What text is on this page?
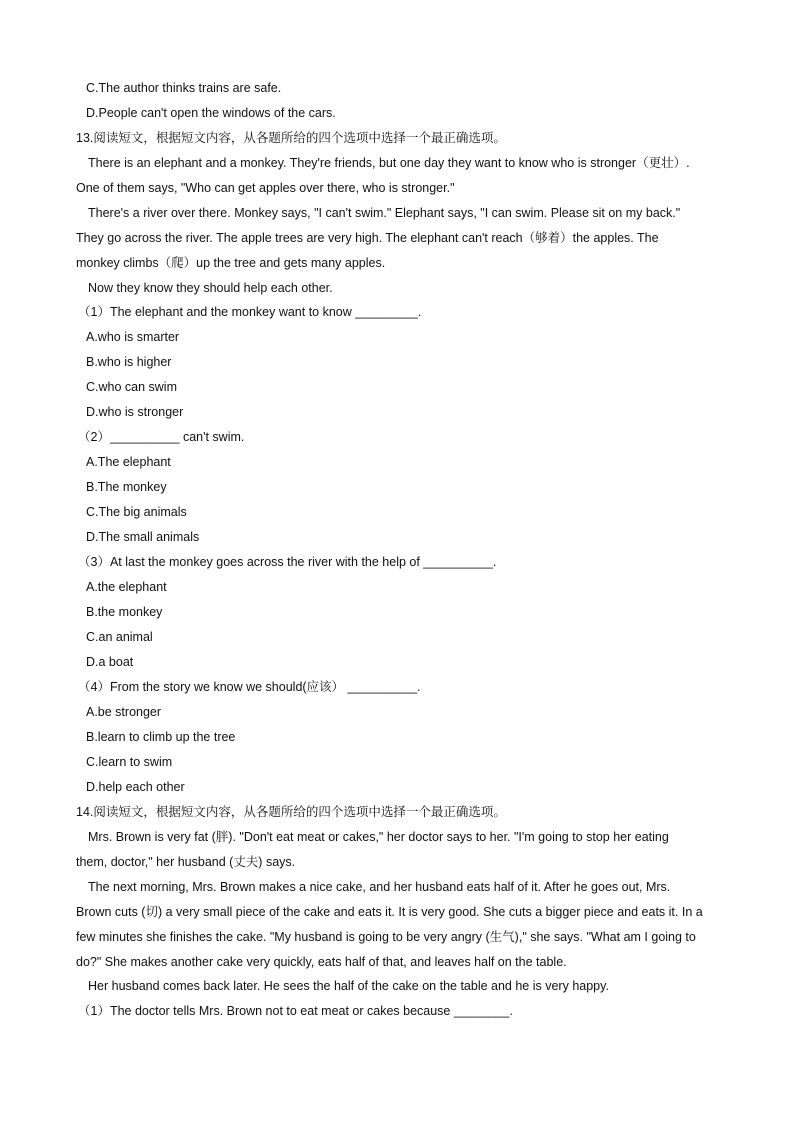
C.The author thinks trains are safe.
D.People can't open the windows of the cars.
13.阅读短文，根据短文内容，从各题所给的四个选项中选择一个最正确选项。
There is an elephant and a monkey. They're friends, but one day they want to know who is stronger（更壮）.
One of them says, "Who can get apples over there, who is stronger."
There's a river over there. Monkey says, "I can't swim." Elephant says, "I can swim. Please sit on my back."
They go across the river. The apple trees are very high. The elephant can't reach（够着）the apples. The
monkey climbs（爬）up the tree and gets many apples.
Now they know they should help each other.
（1）The elephant and the monkey want to know _________.
A.who is smarter
B.who is higher
C.who can swim
D.who is stronger
（2）__________ can't swim.
A.The elephant
B.The monkey
C.The big animals
D.The small animals
（3）At last the monkey goes across the river with the help of __________.
A.the elephant
B.the monkey
C.an animal
D.a boat
（4）From the story we know we should(应该） __________.
A.be stronger
B.learn to climb up the tree
C.learn to swim
D.help each other
14.阅读短文，根据短文内容，从各题所给的四个选项中选择一个最正确选项。
Mrs. Brown is very fat (胖). "Don't eat meat or cakes," her doctor says to her. "I'm going to stop her eating
them, doctor," her husband (丈夫) says.
The next morning, Mrs. Brown makes a nice cake, and her husband eats half of it. After he goes out, Mrs.
Brown cuts (切) a very small piece of the cake and eats it. It is very good. She cuts a bigger piece and eats it. In a
few minutes she finishes the cake. "My husband is going to be very angry (生气)," she says. "What am I going to
do?" She makes another cake very quickly, eats half of that, and leaves half on the table.
Her husband comes back later. He sees the half of the cake on the table and he is very happy.
（1）The doctor tells Mrs. Brown not to eat meat or cakes because ________.
